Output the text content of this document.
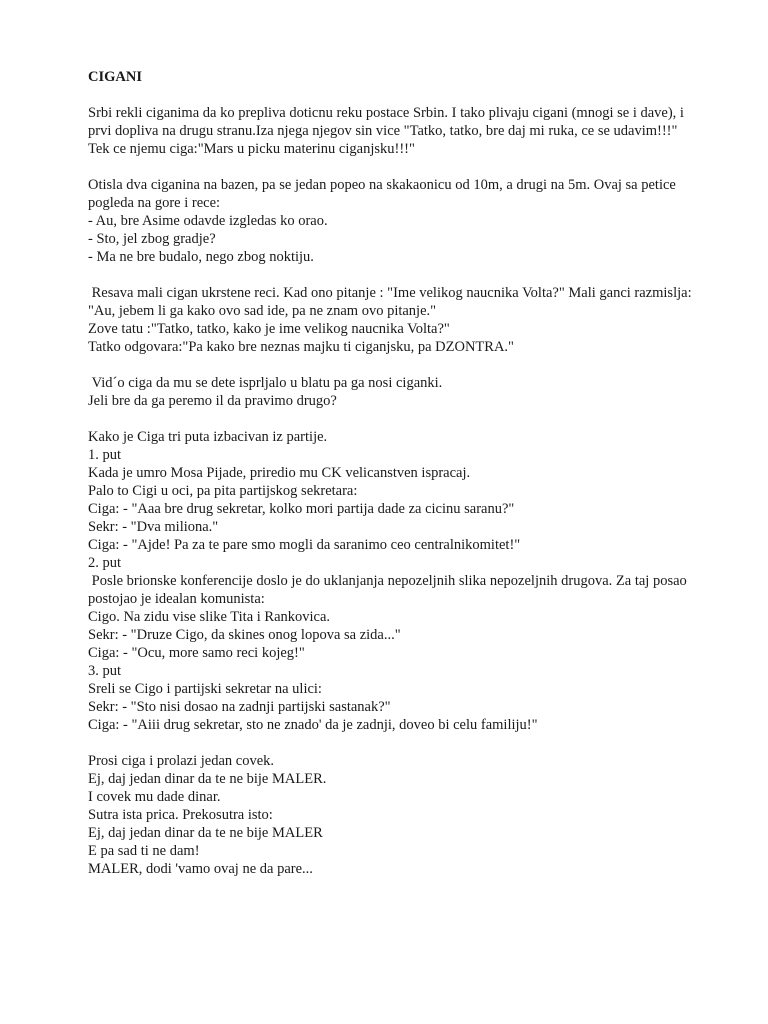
CIGANI
Srbi rekli ciganima da ko prepliva doticnu reku postace Srbin. I tako plivaju cigani (mnogi se i dave), i prvi dopliva na drugu stranu.Iza njega njegov sin vice "Tatko, tatko, bre daj mi ruka, ce se udavim!!!"
Tek ce njemu ciga:"Mars u picku materinu ciganjsku!!!"
Otisla dva ciganina na bazen, pa se jedan popeo na skakaonicu od 10m, a drugi na 5m. Ovaj sa petice pogleda na gore i rece:
- Au, bre Asime odavde izgledas ko orao.
- Sto, jel zbog gradje?
- Ma ne bre budalo, nego zbog noktiju.
Resava mali cigan ukrstene reci. Kad ono pitanje : "Ime velikog naucnika Volta?" Mali ganci razmislja:
"Au, jebem li ga kako ovo sad ide, pa ne znam ovo pitanje."
Zove tatu :"Tatko, tatko, kako je ime velikog naucnika Volta?"
Tatko odgovara:"Pa kako bre neznas majku ti ciganjsku, pa DZONTRA."
Vid´o ciga da mu se dete isprljalo u blatu pa ga nosi ciganki.
Jeli bre da ga peremo il da pravimo drugo?
Kako je Ciga tri puta izbacivan iz partije.
1. put
Kada je umro Mosa Pijade, priredio mu CK velicanstven ispracaj.
Palo to Cigi u oci, pa pita partijskog sekretara:
Ciga: - "Aaa bre drug sekretar, kolko mori partija dade za cicinu saranu?"
Sekr: - "Dva miliona."
Ciga: - "Ajde! Pa za te pare smo mogli da saranimo ceo centralnikomitet!"
2. put
Posle brionske konferencije doslo je do uklanjanja nepozeljnih slika nepozeljnih drugova. Za taj posao postojao je idealan komunista:
Cigo. Na zidu vise slike Tita i Rankovica.
Sekr: - "Druze Cigo, da skines onog lopova sa zida..."
Ciga: - "Ocu, more samo reci kojeg!"
3. put
Sreli se Cigo i partijski sekretar na ulici:
Sekr: - "Sto nisi dosao na zadnji partijski sastanak?"
Ciga: - "Aiii drug sekretar, sto ne znado' da je zadnji, doveo bi celu familiju!"
Prosi ciga i prolazi jedan covek.
Ej, daj jedan dinar da te ne bije MALER.
I covek mu dade dinar.
Sutra ista prica. Prekosutra isto:
Ej, daj jedan dinar da te ne bije MALER
E pa sad ti ne dam!
MALER, dodi 'vamo ovaj ne da pare...
